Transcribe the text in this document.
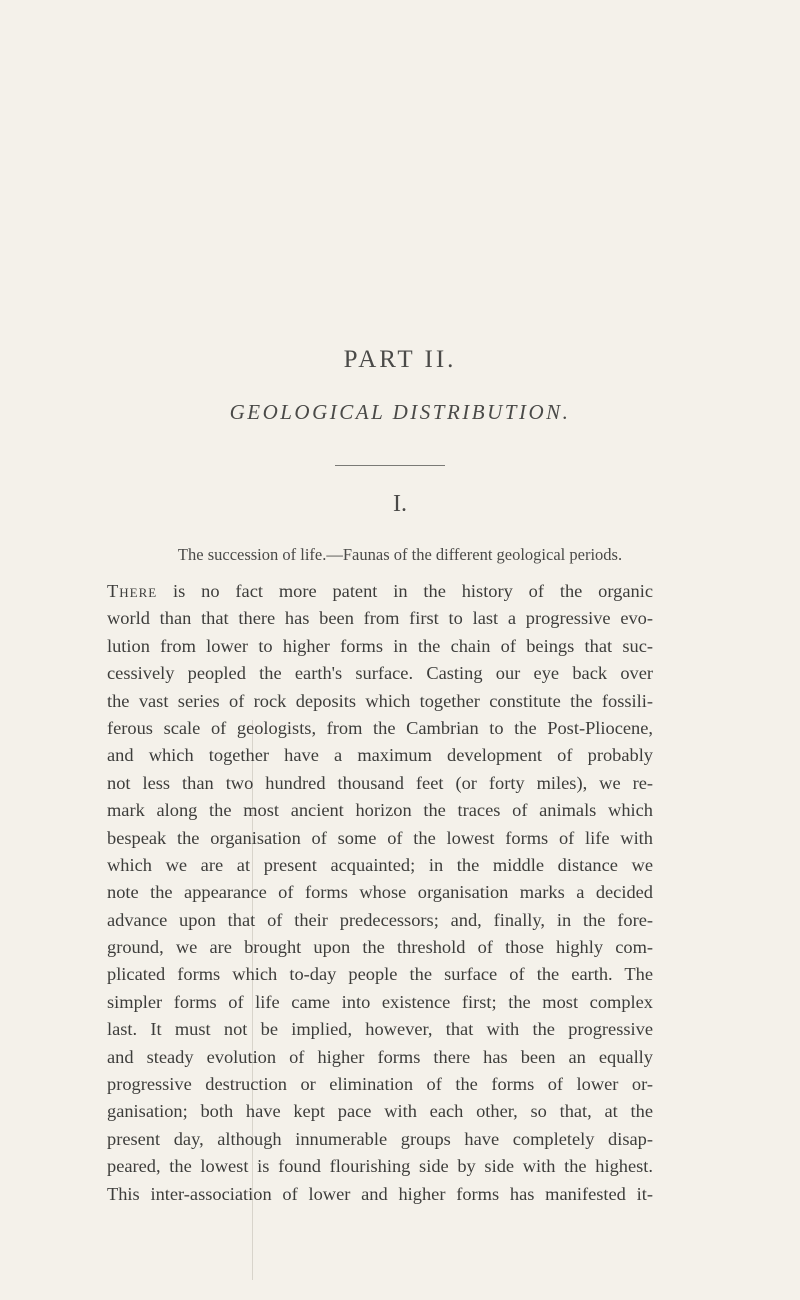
PART II.
GEOLOGICAL DISTRIBUTION.
I.
The succession of life.—Faunas of the different geological periods.
There is no fact more patent in the history of the organic
world than that there has been from first to last a progressive evo-
lution from lower to higher forms in the chain of beings that suc-
cessively peopled the earth's surface. Casting our eye back over
the vast series of rock deposits which together constitute the fossili-
ferous scale of geologists, from the Cambrian to the Post-Pliocene,
and which together have a maximum development of probably
not less than two hundred thousand feet (or forty miles), we re-
mark along the most ancient horizon the traces of animals which
bespeak the organisation of some of the lowest forms of life with
which we are at present acquainted; in the middle distance we
note the appearance of forms whose organisation marks a decided
advance upon that of their predecessors; and, finally, in the fore-
ground, we are brought upon the threshold of those highly com-
plicated forms which to-day people the surface of the earth. The
simpler forms of life came into existence first; the most complex
last. It must not be implied, however, that with the progressive
and steady evolution of higher forms there has been an equally
progressive destruction or elimination of the forms of lower or-
ganisation; both have kept pace with each other, so that, at the
present day, although innumerable groups have completely disap-
peared, the lowest is found flourishing side by side with the highest.
This inter-association of lower and higher forms has manifested it-
